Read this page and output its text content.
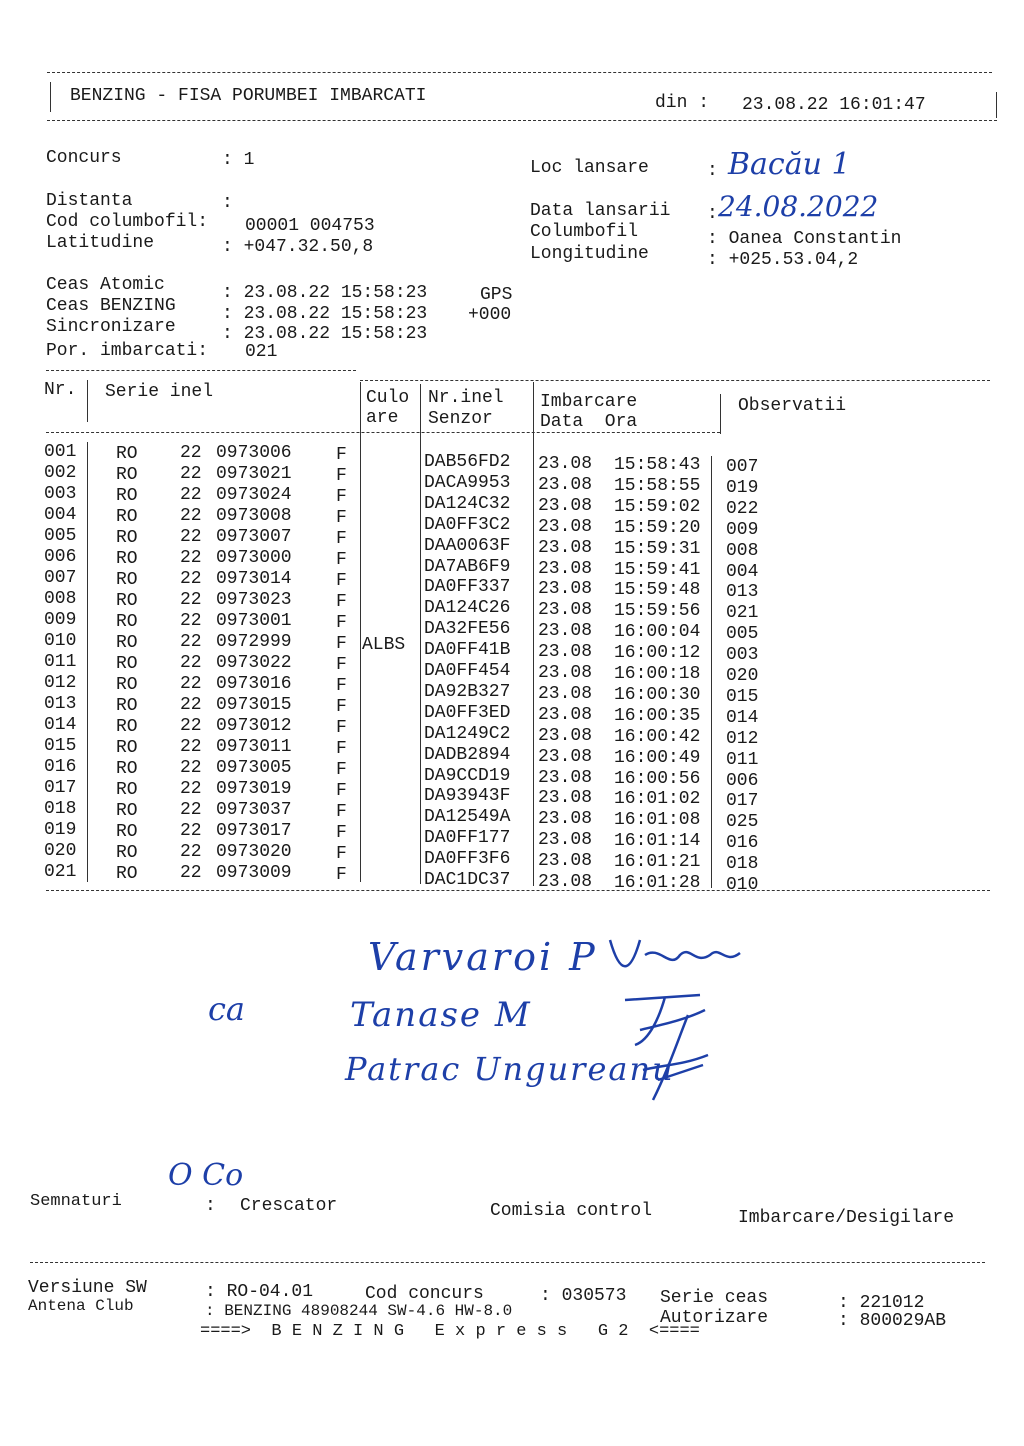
BENZING - FISA PORUMBEI IMBARCATI	din : 23.08.22 16:01:47
Concurs	: 1
Distanta	:
Cod columbofil: 00001 004753
Latitudine	: +047.32.50,8
Loc lansare	: Bacău 1
Data lansarii : 24.08.2022
Columbofil	: Oanea Constantin
Longitudine	: +025.53.04,2
Ceas Atomic	: 23.08.22 15:58:23	GPS
Ceas BENZING	: 23.08.22 15:58:23 +000
Sincronizare	: 23.08.22 15:58:23
Por. imbarcati: 021
Nr. Serie inel	Culo
are
Nr.inel
Senzor
Imbarcare
Data  Ora
Observatii
001 RO 22 0973006 F	DAB56FD2 23.08 15:58:43 007
002 RO 22 0973021 F	DACA9953 23.08 15:58:55 019
003 RO 22 0973024 F	DA124C32 23.08 15:59:02 022
004 RO 22 0973008 F	DA0FF3C2 23.08 15:59:20 009
005 RO 22 0973007 F	DAA0063F 23.08 15:59:31 008
006 RO 22 0973000 F	DA7AB6F9 23.08 15:59:41 004
007 RO 22 0973014 F	DA0FF337 23.08 15:59:48 013
008 RO 22 0973023 F	DA124C26 23.08 15:59:56 021
009 RO 22 0973001 F	DA32FE56 23.08 16:00:04 005
010 RO 22 0972999 F	DA0FF41B 23.08 16:00:12 003
011 RO 22 0973022 F	DA0FF454 23.08 16:00:18 020
012 RO 22 0973016 F	DA92B327 23.08 16:00:30 015
013 RO 22 0973015 F	DA0FF3ED 23.08 16:00:35 014
014 RO 22 0973012 F	DA1249C2 23.08 16:00:42 012
015 RO 22 0973011 F	DADB2894 23.08 16:00:49 011
016 RO 22 0973005 F	DA9CCD19 23.08 16:00:56 006
017 RO 22 0973019 F	DA93943F 23.08 16:01:02 017
018 RO 22 0973037 F	DA12549A 23.08 16:01:08 025
019 RO 22 0973017 F	DA0FF177 23.08 16:01:14 016
020 RO 22 0973020 F	DA0FF3F6 23.08 16:01:21 018
021 RO 22 0973009 F	DAC1DC37 23.08 16:01:28 010
ALBS
Varvaroi P
ca	Tanase M
Patrac Ungureanu
O Co
Semnaturi	: Crescator	Comisia control	Imbarcare/Desigilare
Versiune SW	: RO-04.01	Cod concurs	: 030573 Serie ceas	: 221012
Antena Club	: BENZING 48908244 SW-4.6 HW-8.0	Autorizare	: 800029AB
====>  B E N Z I N G   E x p r e s s   G 2  <====
